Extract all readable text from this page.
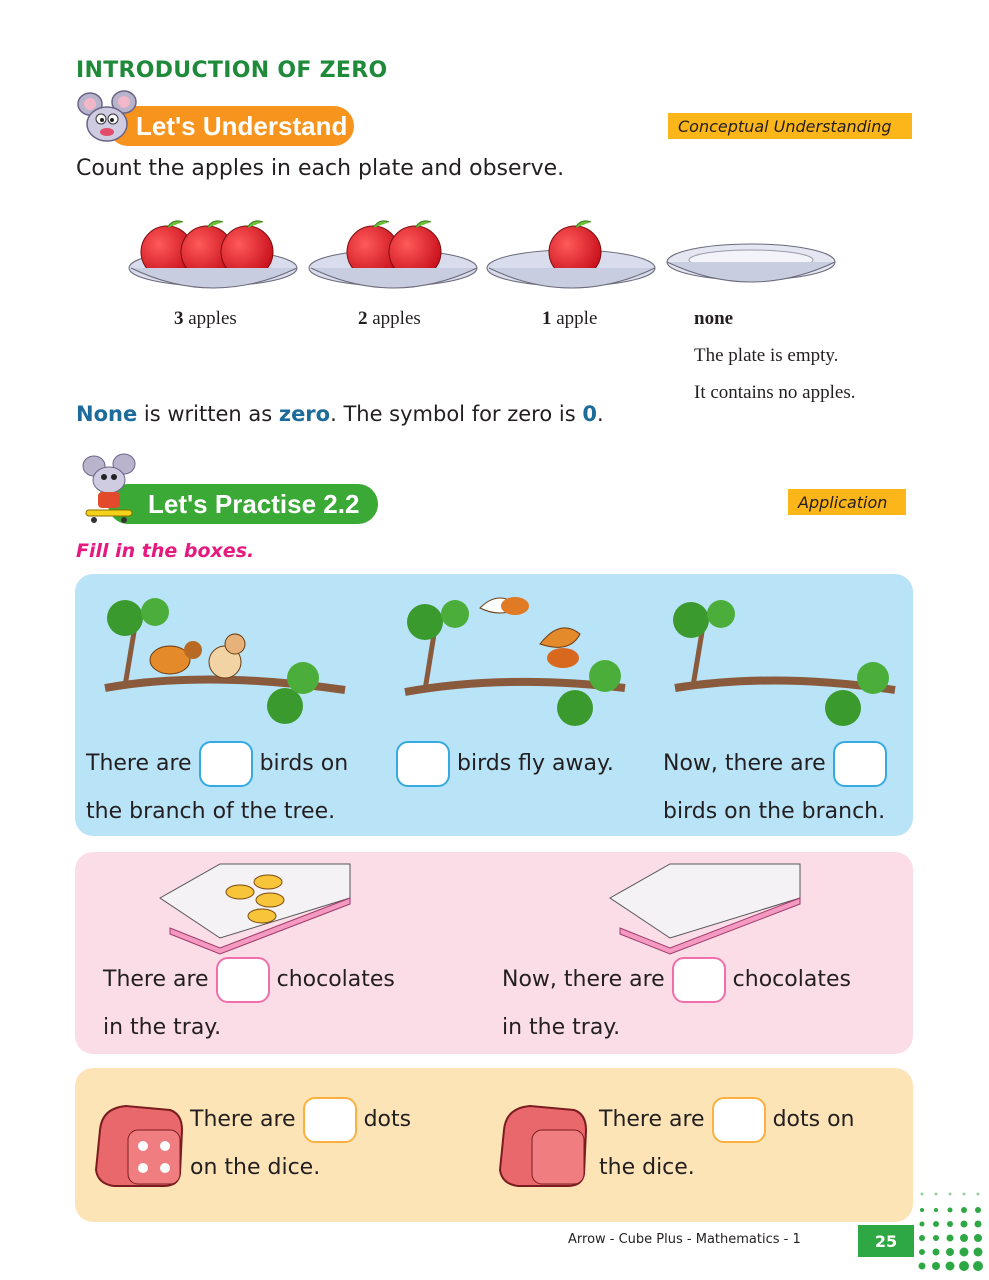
INTRODUCTION OF ZERO
Let's Understand	Conceptual Understanding
Count the apples in each plate and observe.
3 apples	2 apples	1 apple	none
The plate is empty.
It contains no apples.
None is written as zero. The symbol for zero is 0.
Let's Practise 2.2	Application
Fill in the boxes.
There are	birds on
the branch of the tree.
birds fly away. Now, there are
birds on the branch.
There are	chocolates
in the tray.
Now, there are	chocolates
in the tray.
There are	dots
on the dice.
There are	dots on
the dice.
Arrow - Cube Plus - Mathematics - 1	25
